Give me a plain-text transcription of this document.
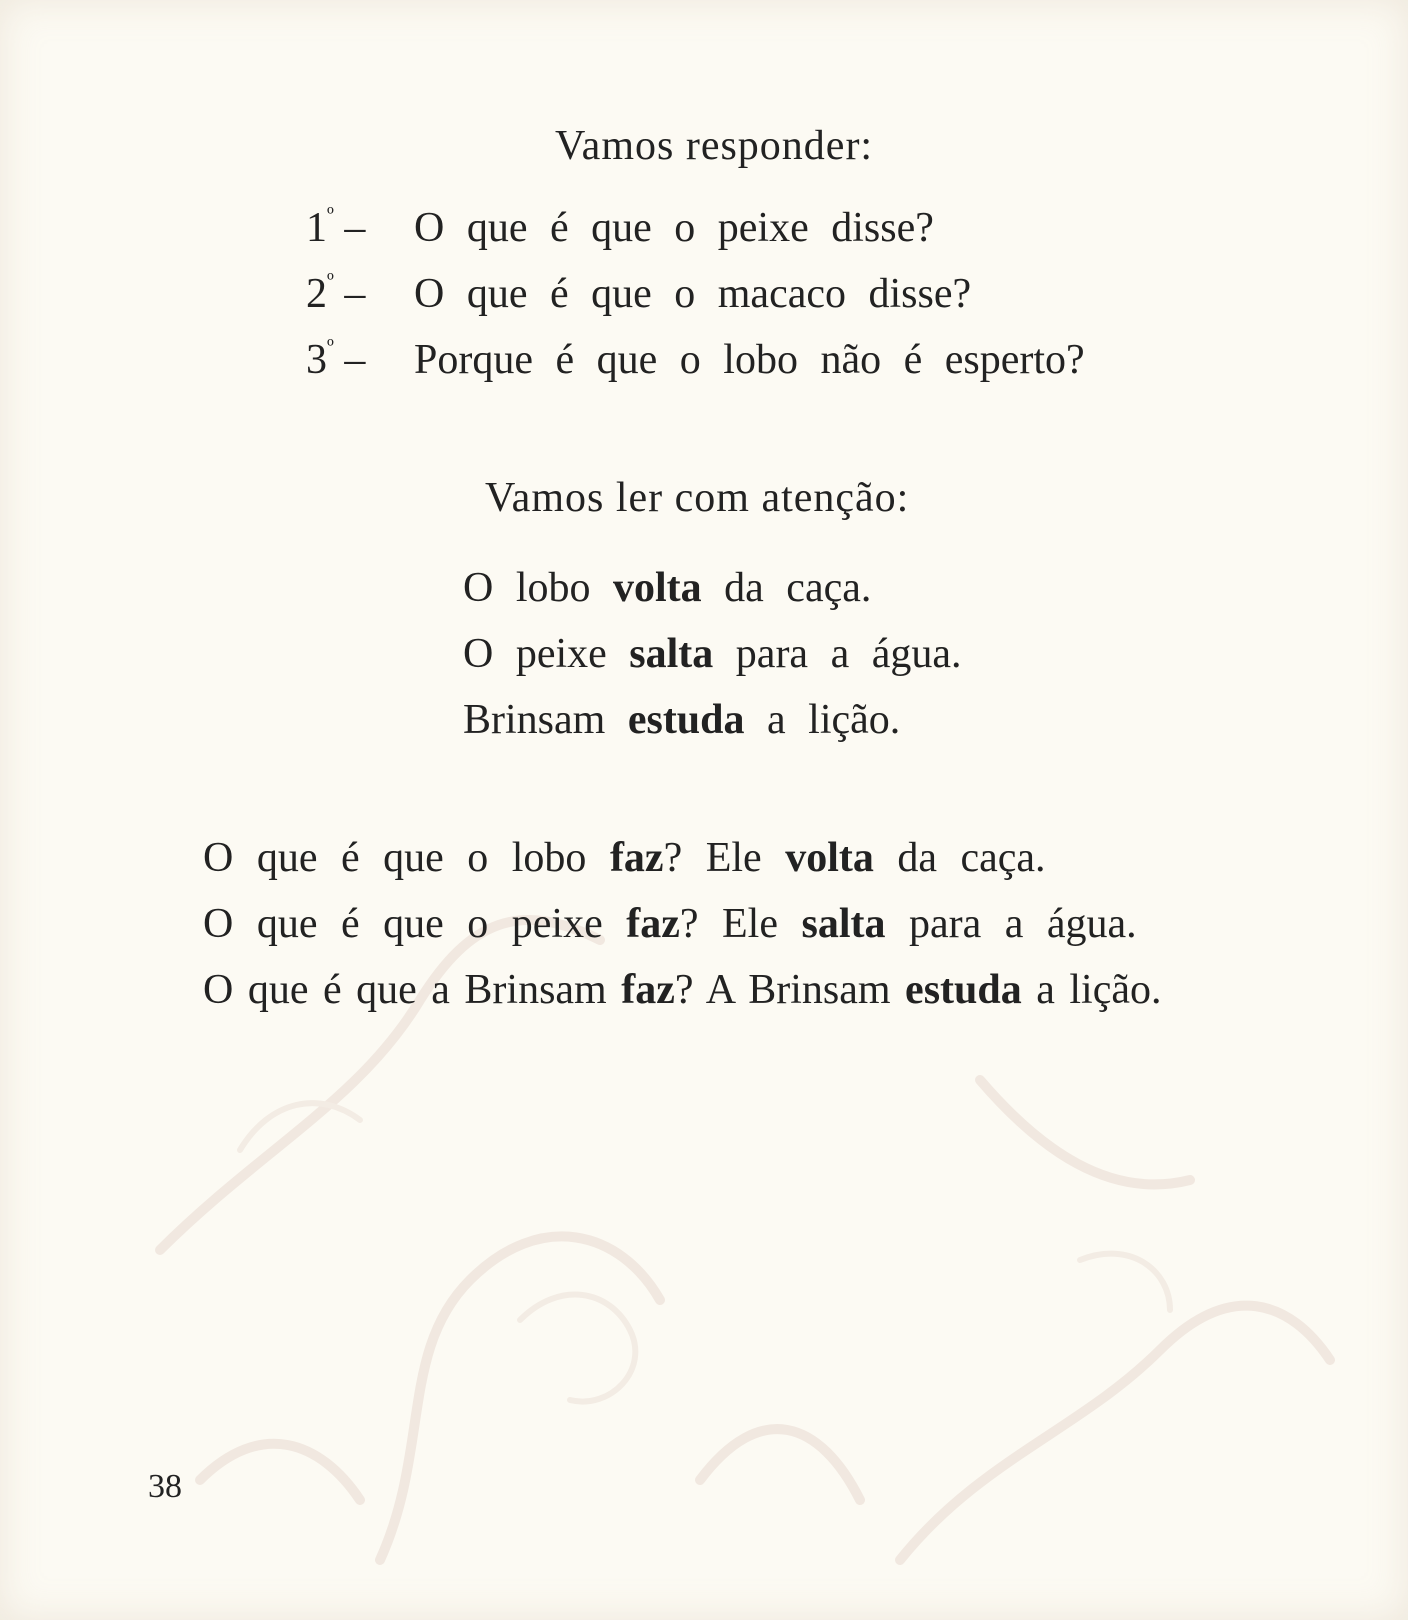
Vamos responder:
$1^º$ – O que é que o peixe disse?
$2^º$ – O que é que o macaco disse?
$3^º$ – Porque é que o lobo não é esperto?
Vamos ler com atenção:
O lobo volta da caça.
O peixe salta para a água.
Brinsam estuda a lição.
O que é que o lobo faz? Ele volta da caça.
O que é que o peixe faz? Ele salta para a água.
O que é que a Brinsam faz? A Brinsam estuda a lição.
38
